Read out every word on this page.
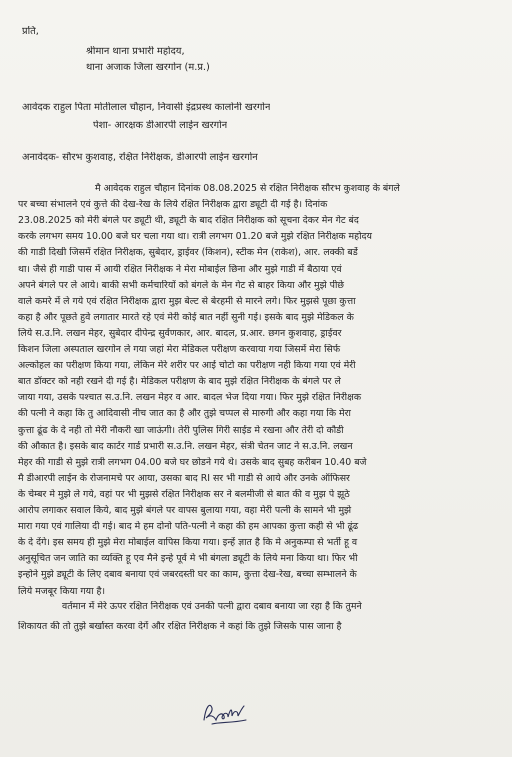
प्रति,
श्रीमान थाना प्रभारी महोदय,
थाना अजाक जिला खरगोन (म.प्र.)
आवेदक राहुल पिता मोतीलाल चौहान, निवासी इंद्रप्रस्थ कालोनी खरगोन
पेशा- आरक्षक डीआरपी लाईन खरगोन
अनावेदक- सौरभ कुशवाह, रक्षित निरीक्षक, डीआरपी लाईन खरगोन
मै आवेदक राहुल चौहान दिनांक 08.08.2025 से रक्षित निरीक्षक सौरभ कुशवाह के बंगले
पर बच्चा संभालने एवं कुत्ते की देख-रेख के लिये रक्षित निरीक्षक द्वारा ड्यूटी दी गई है। दिनांक
23.08.2025 को मेरी बंगले पर ड्यूटी थी, ड्यूटी के बाद रक्षित निरीक्षक को सूचना देकर मेन गेट बंद
करके लगभग समय 10.00 बजे घर चला गया था। रात्री लगभग 01.20 बजे मुझे रक्षित निरीक्षक महोदय
की गाडी दिखी जिसमें रक्षित निरीक्षक, सुबेदार, ड्राईवर (किशन), स्टीक मेन (राकेश), आर. लक्की बर्डे
था। जैसे ही गाडी पास में आयी रक्षित निरीक्षक ने मेरा मोबाईल छिना और मुझे गाडी में बैठाया एवं
अपने बंगले पर ले आये। बाकी सभी कर्मचारियों को बंगले के मेन गेट से बाहर किया और मुझे पीछे
वाले कमरे में ले गये एवं रक्षित निरीक्षक द्वारा मुझ बेल्ट से बेरहमी से मारने लगे। फिर मुझसे पूछा कुत्ता
कहा है और पूछते हुवे लगातार मारते रहे एवं मेरी कोई बात नहीं सुनी गई। इसके बाद मुझे मेडिकल के
लिये स.उ.नि. लखन मेहर, सुबेदार दीपेन्द्र सुर्वणकार, आर. बादल, प्र.आर. छगन कुशवाह, ड्राईवर
किशन जिला अस्पताल खरगोन ले गया जहां मेरा मेडिकल परीक्षण करवाया गया जिसमें मेरा सिर्फ
अल्कोहल का परीक्षण किया गया, लेकिन मेरे शरीर पर आई चोटो का परीक्षण नही किया गया एवं मेरी
बात डॉक्टर को नही रखने दी गई है। मेडिकल परीक्षण के बाद मुझे रक्षित निरीक्षक के बंगले पर ले
जाया गया, उसके पश्चात स.उ.नि. लखन मेहर व आर. बादल भेज दिया गया। फिर मुझे रक्षित निरीक्षक
की पत्नी ने कहा कि तु आदिवासी नीच जात का है और तुझे चप्पल से मारुगी और कहा गया कि मेरा
कुत्ता ढूंढ के दे नही तो मेरी नौकरी खा जाऊंगी। तेरी पुलिस गिरी साईड मे रखना और तेरी दो कौडी
की औकात है। इसके बाद कार्टर गार्ड प्रभारी स.उ.नि. लखन मेहर, संत्री चेतन जाट ने स.उ.नि. लखन
मेहर की गाडी से मुझे रात्री लगभग 04.00 बजे घर छोडने गये थे। उसके बाद सुबह करीबन 10.40 बजे
मै डीआरपी लाईन के रोजनामचे पर आया, उसका बाद RI सर भी गाडी से आये और उनके ऑफिसर
के चेम्बर मे मुझे ले गये, वहां पर भी मुझसे रक्षित निरीक्षक सर ने बलमीजी से बात की व मुझ पे झूठे
आरोप लगाकर सवाल किये, बाद मुझे बंगले पर वापस बुलाया गया, वहा मेरी पत्नी के सामने भी मुझे
मारा गया एवं गालिया दी गई। बाद मे हम दोनो पति-पत्नी ने कहा की हम आपका कुत्ता कही से भी ढूंढ
के दे देंगे। इस समय ही मुझे मेरा मोबाईल वापिस किया गया। इन्हें ज्ञात है कि मे अनुकम्पा से भर्ती हू व
अनुसूचित जन जाति का व्यक्ति हू एव मैने इन्हे पूर्व मे भी बंगला ड्यूटी के लिये मना किया था। फिर भी
इन्होने मुझे ड्यूटी के लिए दबाव बनाया एवं जबरदस्ती घर का काम, कुत्ता देख-रेख, बच्चा सम्भालने के
लिये मजबूर किया गया है।
वर्तमान में मेरे ऊपर रक्षित निरीक्षक एवं उनकी पत्नी द्वारा दबाव बनाया जा रहा है कि तुमने
शिकायत की तो तुझे बर्खास्त करवा देगें और रक्षित निरीक्षक ने कहां कि तुझे जिसके पास जाना है
